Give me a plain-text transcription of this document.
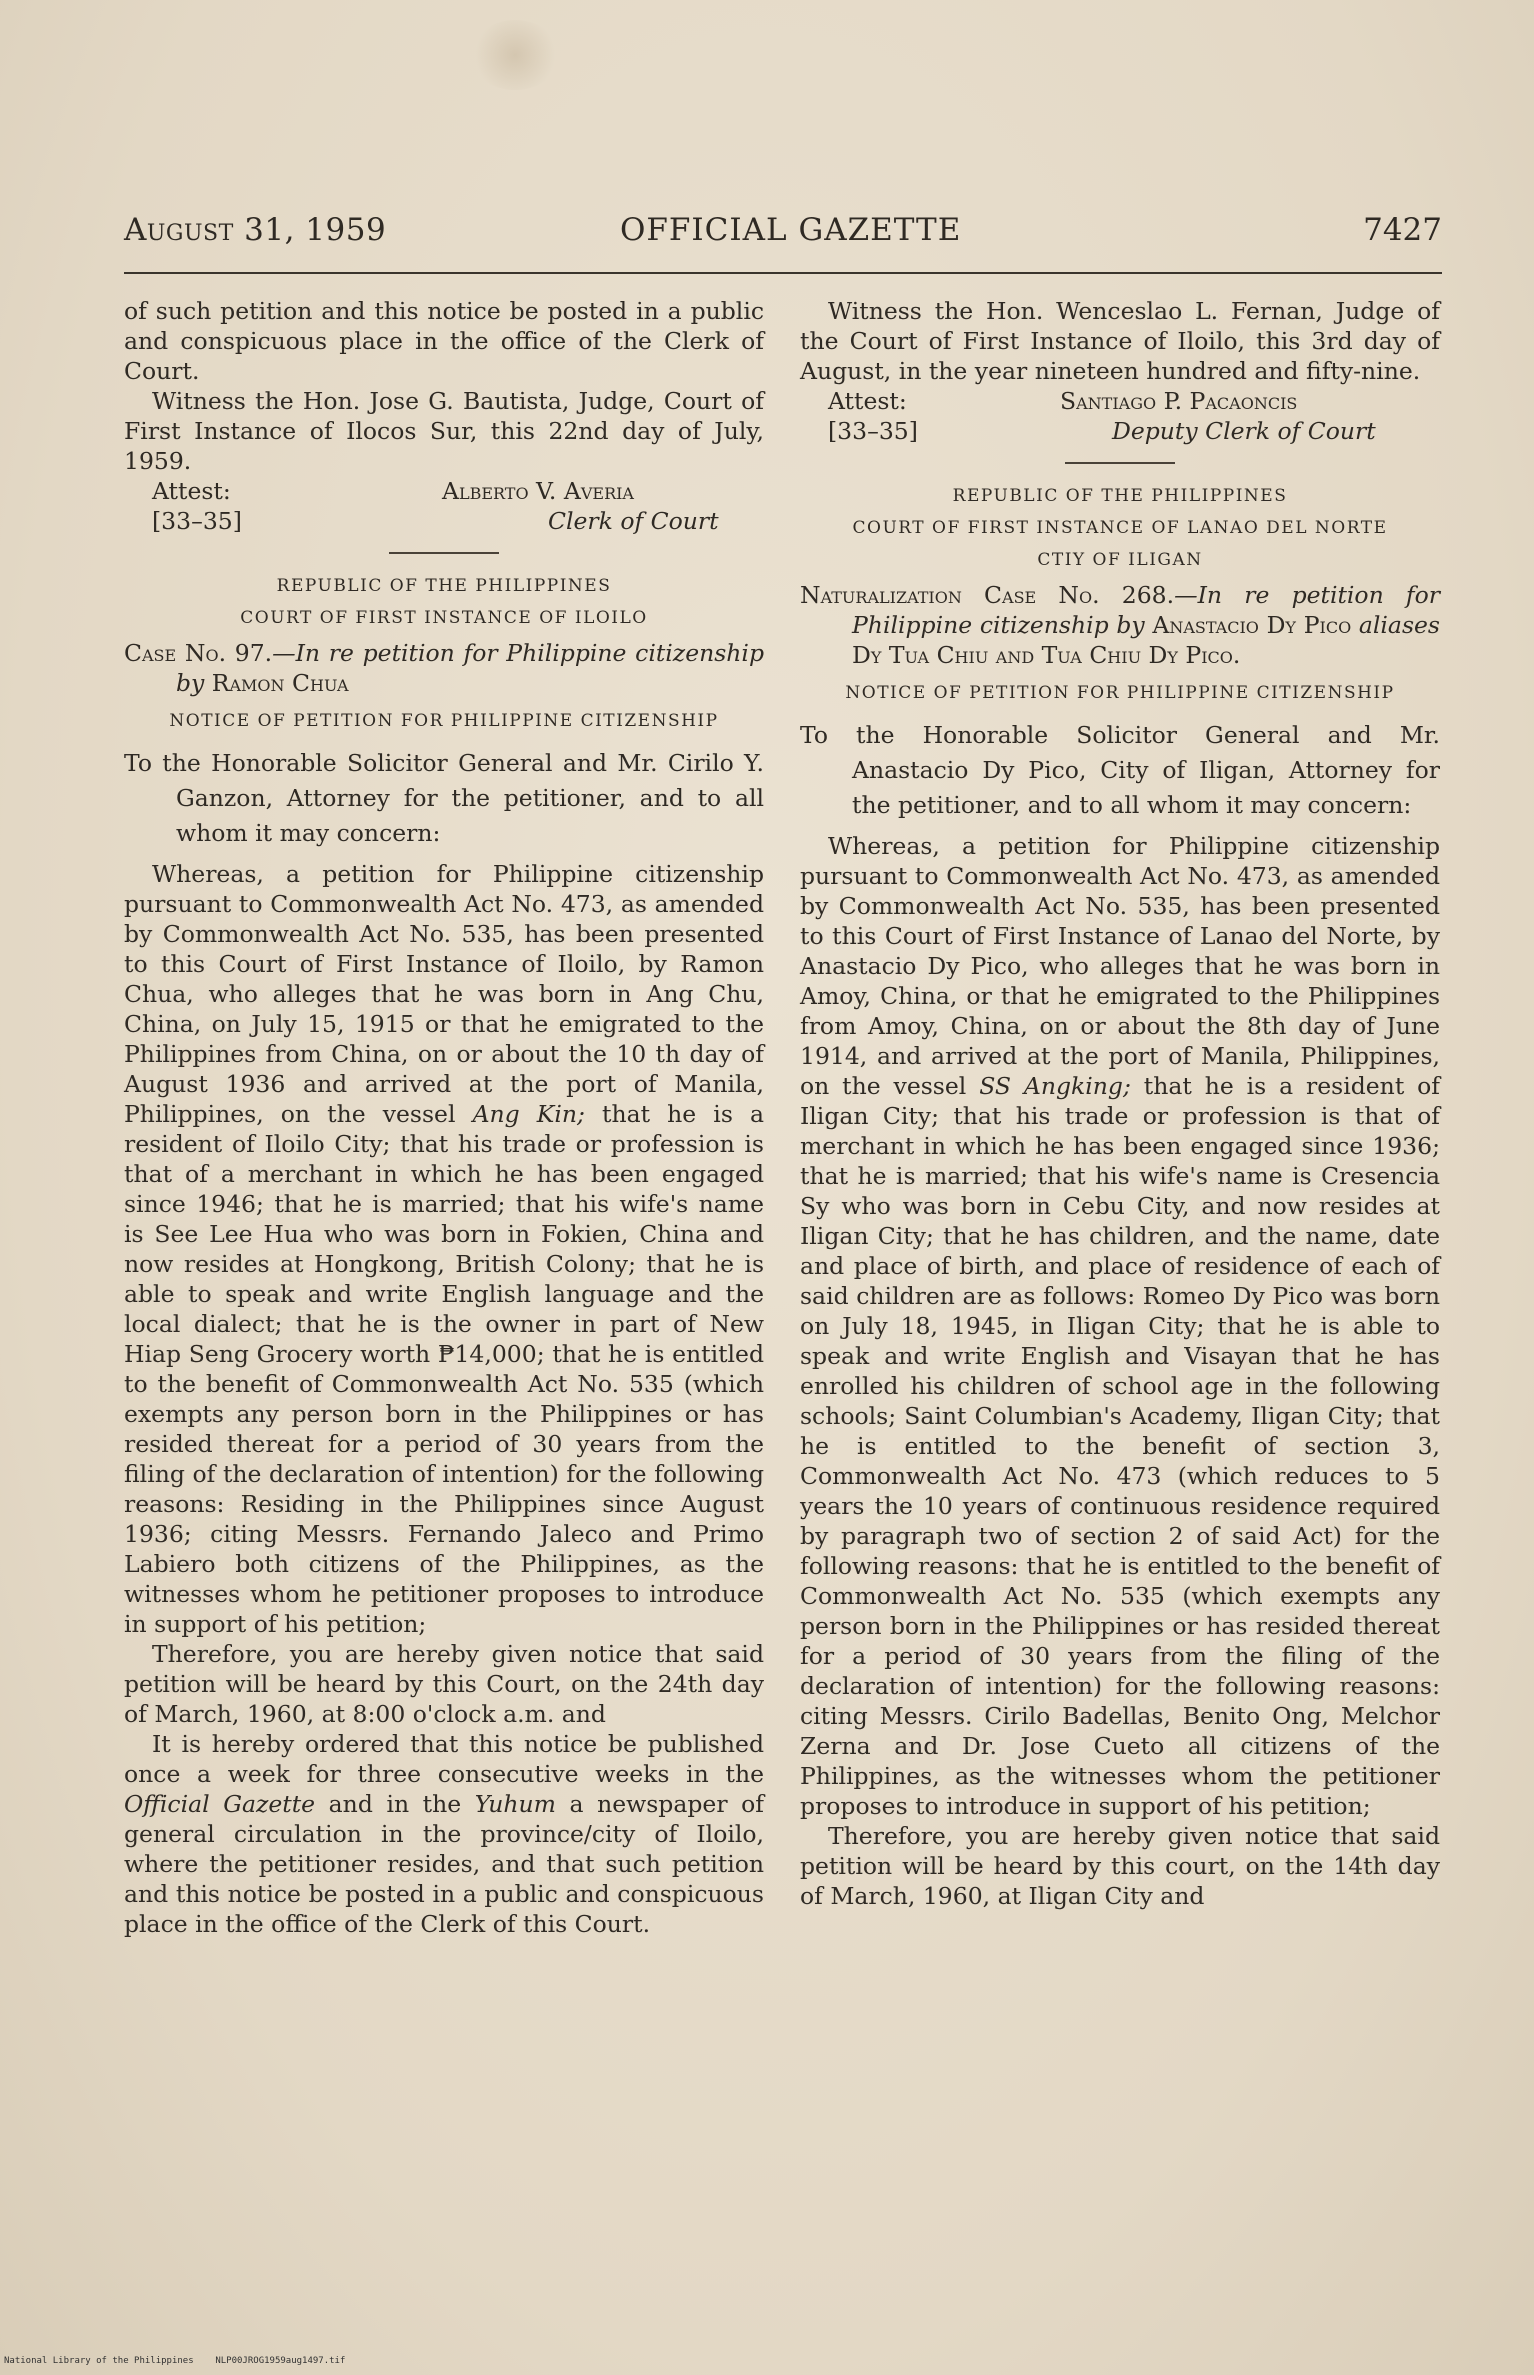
August 31, 1959	OFFICIAL GAZETTE	7427

of such petition and this notice be posted in a public and conspicuous place in the office of the Clerk of Court.

Witness the Hon. Jose G. Bautista, Judge, Court of First Instance of Ilocos Sur, this 22nd day of July, 1959.

Attest:	Alberto V. Averia
[33–35]	Clerk of Court
REPUBLIC OF THE PHILIPPINES
COURT OF FIRST INSTANCE OF ILOILO

Case No. 97.—In re petition for Philippine citizenship by Ramon Chua

NOTICE OF PETITION FOR PHILIPPINE CITIZENSHIP

To the Honorable Solicitor General and Mr. Cirilo Y. Ganzon, Attorney for the petitioner, and to all whom it may concern:

Whereas, a petition for Philippine citizenship pursuant to Commonwealth Act No. 473, as amended by Commonwealth Act No. 535, has been presented to this Court of First Instance of Iloilo, by Ramon Chua, who alleges that he was born in Ang Chu, China, on July 15, 1915 or that he emigrated to the Philippines from China, on or about the 10 th day of August 1936 and arrived at the port of Manila, Philippines, on the vessel Ang Kin; that he is a resident of Iloilo City; that his trade or profession is that of a merchant in which he has been engaged since 1946; that he is married; that his wife's name is See Lee Hua who was born in Fokien, China and now resides at Hongkong, British Colony; that he is able to speak and write English language and the local dialect; that he is the owner in part of New Hiap Seng Grocery worth ₱14,000; that he is entitled to the benefit of Commonwealth Act No. 535 (which exempts any person born in the Philippines or has resided thereat for a period of 30 years from the filing of the declaration of intention) for the following reasons: Residing in the Philippines since August 1936; citing Messrs. Fernando Jaleco and Primo Labiero both citizens of the Philippines, as the witnesses whom he petitioner proposes to introduce in support of his petition;

Therefore, you are hereby given notice that said petition will be heard by this Court, on the 24th day of March, 1960, at 8:00 o'clock a.m. and

It is hereby ordered that this notice be published once a week for three consecutive weeks in the Official Gazette and in the Yuhum a newspaper of general circulation in the province/city of Iloilo, where the petitioner resides, and that such petition and this notice be posted in a public and conspicuous place in the office of the Clerk of this Court.

Witness the Hon. Wenceslao L. Fernan, Judge of the Court of First Instance of Iloilo, this 3rd day of August, in the year nineteen hundred and fifty-nine.

Attest:	Santiago P. Pacaoncis
[33–35]	Deputy Clerk of Court
REPUBLIC OF THE PHILIPPINES
COURT OF FIRST INSTANCE OF LANAO DEL NORTE
CTIY OF ILIGAN

Naturalization Case No. 268.—In re petition for Philippine citizenship by Anastacio Dy Pico aliases Dy Tua Chiu and Tua Chiu Dy Pico.

NOTICE OF PETITION FOR PHILIPPINE CITIZENSHIP

To the Honorable Solicitor General and Mr. Anastacio Dy Pico, City of Iligan, Attorney for the petitioner, and to all whom it may concern:

Whereas, a petition for Philippine citizenship pursuant to Commonwealth Act No. 473, as amended by Commonwealth Act No. 535, has been presented to this Court of First Instance of Lanao del Norte, by Anastacio Dy Pico, who alleges that he was born in Amoy, China, or that he emigrated to the Philippines from Amoy, China, on or about the 8th day of June 1914, and arrived at the port of Manila, Philippines, on the vessel SS Angking; that he is a resident of Iligan City; that his trade or profession is that of merchant in which he has been engaged since 1936; that he is married; that his wife's name is Cresencia Sy who was born in Cebu City, and now resides at Iligan City; that he has children, and the name, date and place of birth, and place of residence of each of said children are as follows: Romeo Dy Pico was born on July 18, 1945, in Iligan City; that he is able to speak and write English and Visayan that he has enrolled his children of school age in the following schools; Saint Columbian's Academy, Iligan City; that he is entitled to the benefit of section 3, Commonwealth Act No. 473 (which reduces to 5 years the 10 years of continuous residence required by paragraph two of section 2 of said Act) for the following reasons: that he is entitled to the benefit of Commonwealth Act No. 535 (which exempts any person born in the Philippines or has resided thereat for a period of 30 years from the filing of the declaration of intention) for the following reasons: citing Messrs. Cirilo Badellas, Benito Ong, Melchor Zerna and Dr. Jose Cueto all citizens of the Philippines, as the witnesses whom the petitioner proposes to introduce in support of his petition;

Therefore, you are hereby given notice that said petition will be heard by this court, on the 14th day of March, 1960, at Iligan City and

National Library of the Philippines NLP00JROG1959aug1497.tif
